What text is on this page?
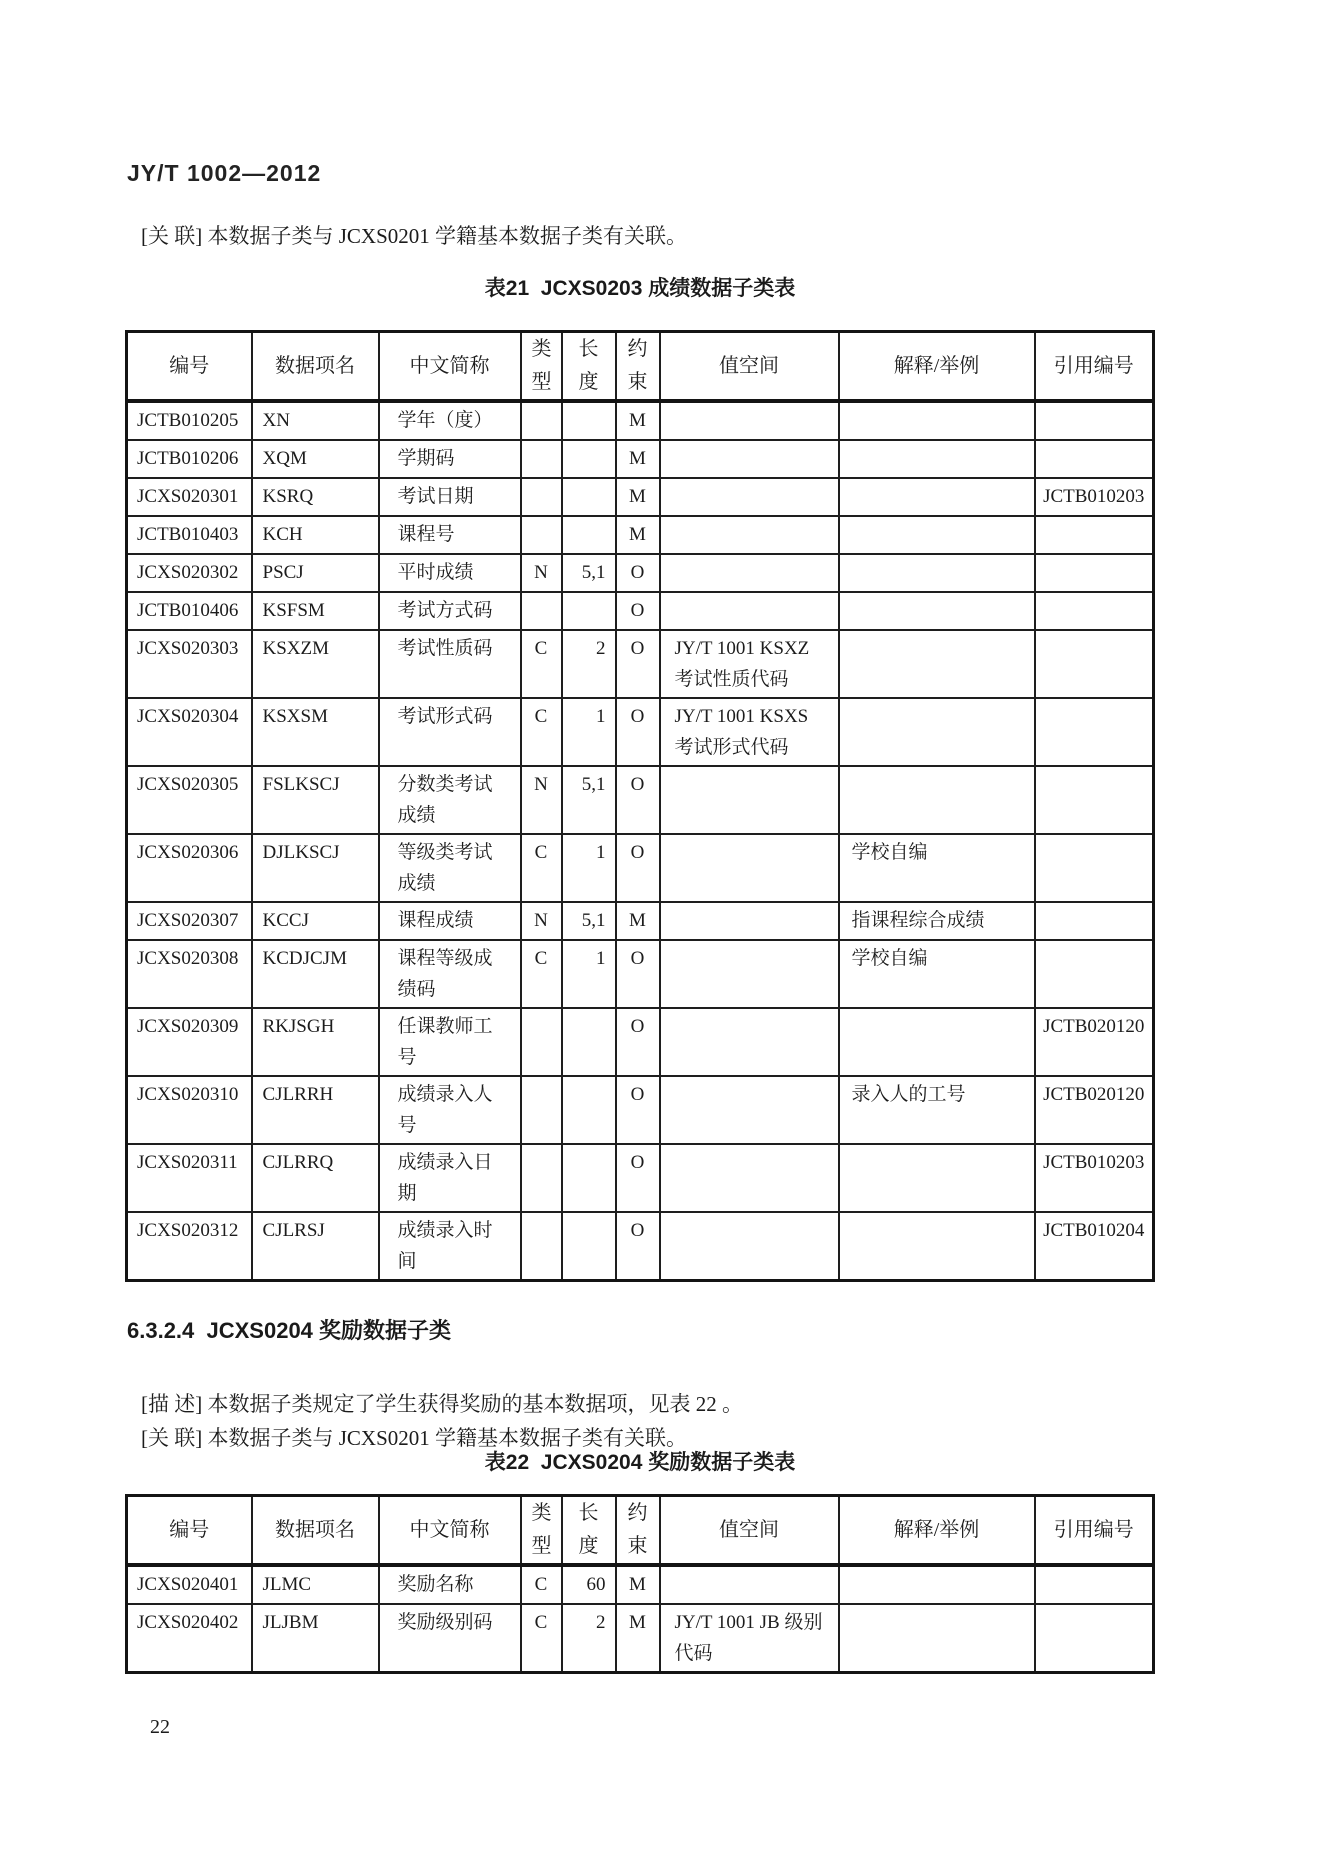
JY/T 1002—2012
[关 联] 本数据子类与 JCXS0201 学籍基本数据子类有关联。
表21  JCXS0203 成绩数据子类表
编号	数据项名	中文简称	类型	长度	约束	值空间	解释/举例	引用编号
JCTB010205	XN	学年（度）			M			
JCTB010206	XQM	学期码			M			
JCXS020301	KSRQ	考试日期			M			JCTB010203
JCTB010403	KCH	课程号			M			
JCXS020302	PSCJ	平时成绩	N	5,1	O			
JCTB010406	KSFSM	考试方式码			O			
JCXS020303	KSXZM	考试性质码	C	2	O	JY/T 1001 KSXZ 考试性质代码		
JCXS020304	KSXSM	考试形式码	C	1	O	JY/T 1001 KSXS 考试形式代码		
JCXS020305	FSLKSCJ	分数类考试成绩	N	5,1	O			
JCXS020306	DJLKSCJ	等级类考试成绩	C	1	O		学校自编	
JCXS020307	KCCJ	课程成绩	N	5,1	M		指课程综合成绩	
JCXS020308	KCDJCJM	课程等级成绩码	C	1	O		学校自编	
JCXS020309	RKJSGH	任课教师工号			O			JCTB020120
JCXS020310	CJLRRH	成绩录入人号			O		录入人的工号	JCTB020120
JCXS020311	CJLRRQ	成绩录入日期			O			JCTB010203
JCXS020312	CJLRSJ	成绩录入时间			O			JCTB010204
6.3.2.4  JCXS0204 奖励数据子类
[描 述] 本数据子类规定了学生获得奖励的基本数据项，见表 22 。
[关 联] 本数据子类与 JCXS0201 学籍基本数据子类有关联。
表22  JCXS0204 奖励数据子类表
编号	数据项名	中文简称	类型	长度	约束	值空间	解释/举例	引用编号
JCXS020401	JLMC	奖励名称	C	60	M			
JCXS020402	JLJBM	奖励级别码	C	2	M	JY/T 1001 JB 级别代码		
22
